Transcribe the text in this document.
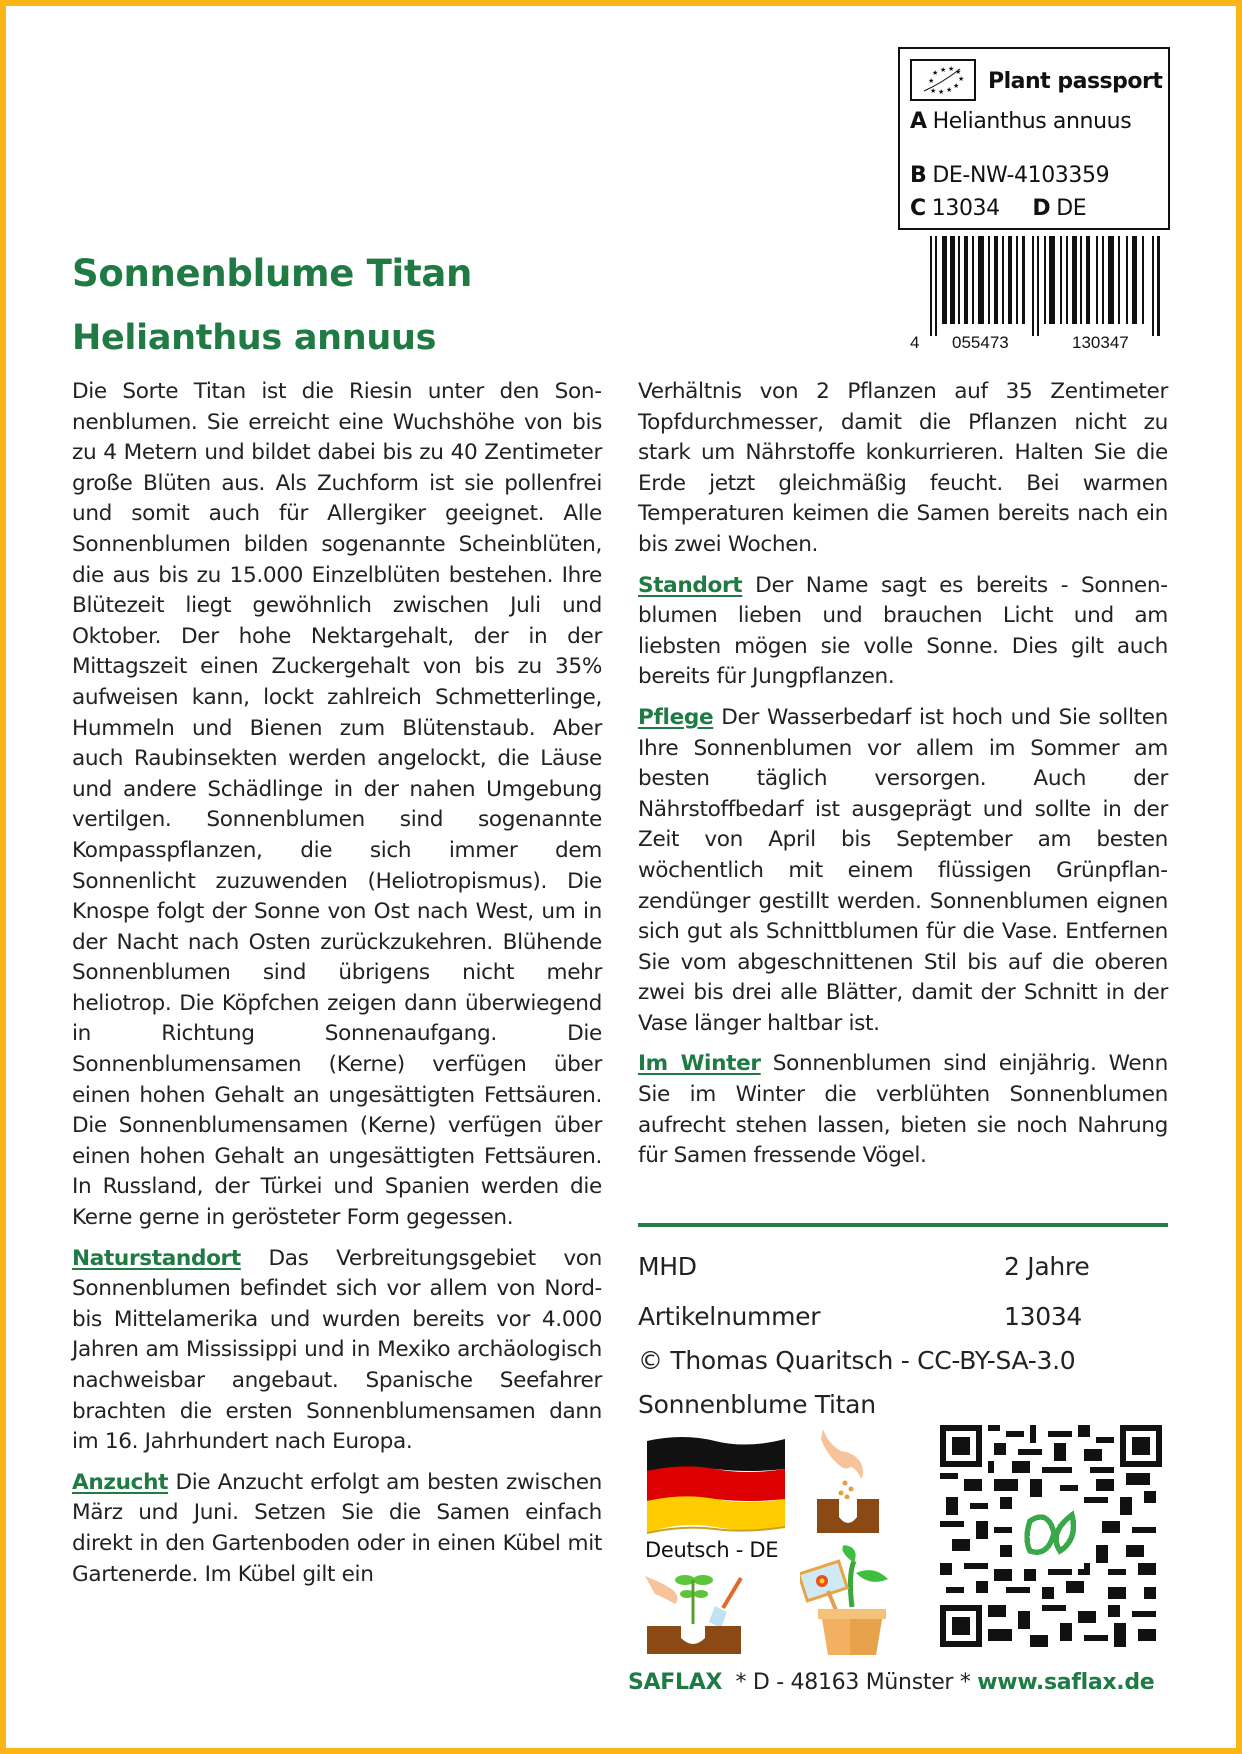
★ ★ ★ ★
★	★
★ ★ ★ ★ Plant passport
A Helianthus annuus
B DE-NW-4103359
C 13034 D DE
4 055473	130347
Sonnenblume Titan
Helianthus annuus

Die Sorte Titan ist die Riesin unter den Sonnenblumen. Sie erreicht eine Wuchshöhe von bis zu 4 Metern und bildet dabei bis zu 40 Zentimeter große Blüten aus. Als Zuchform ist sie pollenfrei und somit auch für Allergiker geeignet. Alle Sonnenblumen bilden sogenannte Scheinblüten, die aus bis zu 15.000 Einzelblüten bestehen. Ihre Blütezeit liegt gewöhnlich zwischen Juli und Oktober. Der hohe Nektargehalt, der in der Mittagszeit einen Zuckergehalt von bis zu 35% aufweisen kann, lockt zahlreich Schmetterlinge, Hummeln und Bienen zum Blütenstaub. Aber auch Raubinsekten werden angelockt, die Läuse und andere Schädlinge in der nahen Umgebung vertilgen. Sonnenblumen sind sogenannte Kompasspflanzen, die sich immer dem Sonnenlicht zuzuwenden (Heliotropismus). Die Knospe folgt der Sonne von Ost nach West, um in der Nacht nach Osten zurückzukehren. Blühende Sonnenblumen sind übrigens nicht mehr heliotrop. Die Köpfchen zeigen dann überwiegend in Richtung Sonnenaufgang. Die Sonnenblumensamen (Kerne) verfügen über einen hohen Gehalt an ungesättigten Fettsäuren. Die Sonnenblumensamen (Kerne) verfügen über einen hohen Gehalt an ungesättigten Fettsäuren. In Russland, der Türkei und Spanien werden die Kerne gerne in gerösteter Form gegessen.

Naturstandort Das Verbreitungsgebiet von Sonnenblumen befindet sich vor allem von Nord- bis Mittelamerika und wurden bereits vor 4.000 Jahren am Mississippi und in Mexiko archäologisch nachweisbar angebaut. Spanische Seefahrer brachten die ersten Sonnenblumensamen dann im 16. Jahrhundert nach Europa.

Anzucht Die Anzucht erfolgt am besten zwischen März und Juni. Setzen Sie die Samen einfach direkt in den Gartenboden oder in einen Kübel mit Gartenerde. Im Kübel gilt ein

Verhältnis von 2 Pflanzen auf 35 Zentimeter Topfdurchmesser, damit die Pflanzen nicht zu stark um Nährstoffe konkurrieren. Halten Sie die Erde jetzt gleichmäßig feucht. Bei warmen Temperaturen keimen die Samen bereits nach ein bis zwei Wochen.

Standort Der Name sagt es bereits - Sonnenblumen lieben und brauchen Licht und am liebsten mögen sie volle Sonne. Dies gilt auch bereits für Jungpflanzen.

Pflege Der Wasserbedarf ist hoch und Sie sollten Ihre Sonnenblumen vor allem im Sommer am besten täglich versorgen. Auch der Nährstoffbedarf ist ausgeprägt und sollte in der Zeit von April bis September am besten wöchentlich mit einem flüssigen Grünpflanzendünger gestillt werden. Sonnenblumen eignen sich gut als Schnittblumen für die Vase. Entfernen Sie vom abgeschnittenen Stil bis auf die oberen zwei bis drei alle Blätter, damit der Schnitt in der Vase länger haltbar ist.

Im Winter Sonnenblumen sind einjährig. Wenn Sie im Winter die verblühten Sonnenblumen aufrecht stehen lassen, bieten sie noch Nahrung für Samen fressende Vögel.

MHD	2 Jahre
Artikelnummer	13034
© Thomas Quaritsch - CC-BY-SA-3.0
Sonnenblume Titan
Deutsch - DE
SAFLAX  * D - 48163 Münster * www.saflax.de
